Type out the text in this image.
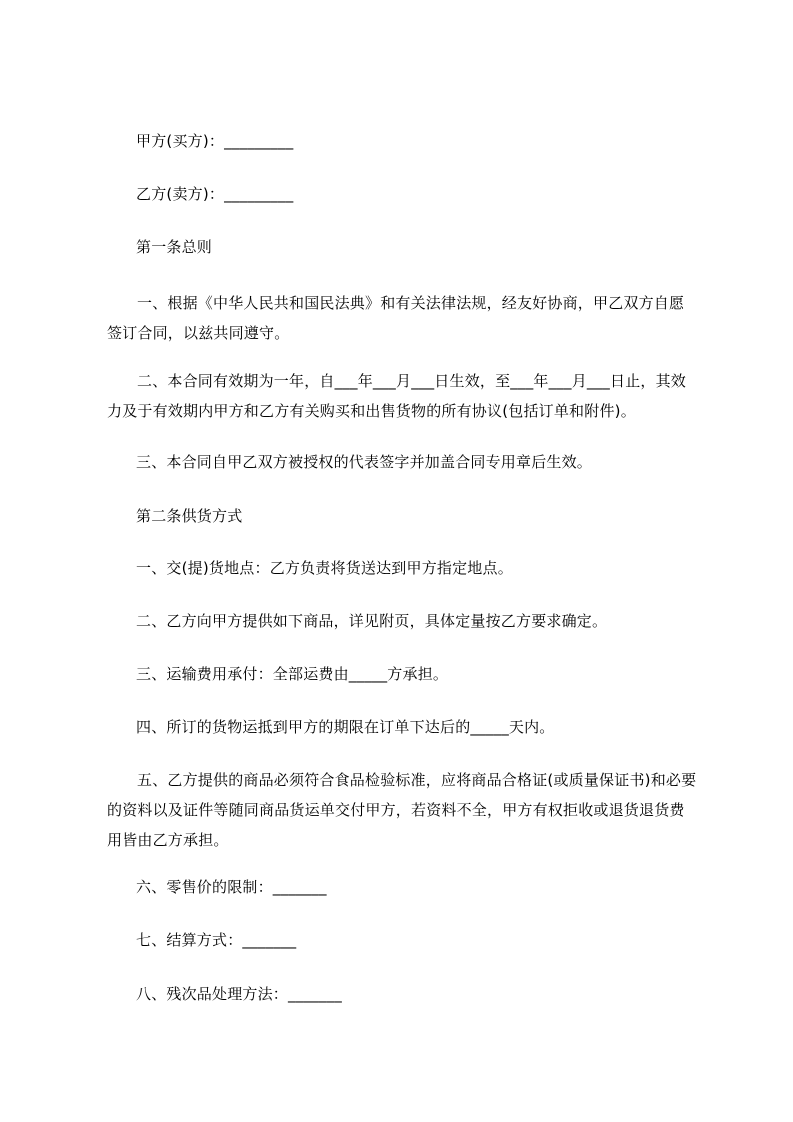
甲方(买方)：_________
乙方(卖方)：_________
第一条总则
一、根据《中华人民共和国民法典》和有关法律法规，经友好协商，甲乙双方自愿签订合同，以兹共同遵守。
二、本合同有效期为一年，自___年___月___日生效，至___年___月___日止，其效力及于有效期内甲方和乙方有关购买和出售货物的所有协议(包括订单和附件)。
三、本合同自甲乙双方被授权的代表签字并加盖合同专用章后生效。
第二条供货方式
一、交(提)货地点：乙方负责将货送达到甲方指定地点。
二、乙方向甲方提供如下商品，详见附页，具体定量按乙方要求确定。
三、运输费用承付：全部运费由_____方承担。
四、所订的货物运抵到甲方的期限在订单下达后的_____天内。
五、乙方提供的商品必须符合食品检验标准，应将商品合格证(或质量保证书)和必要的资料以及证件等随同商品货运单交付甲方，若资料不全，甲方有权拒收或退货退货费用皆由乙方承担。
六、零售价的限制：_______
七、结算方式：_______
八、残次品处理方法：_______
